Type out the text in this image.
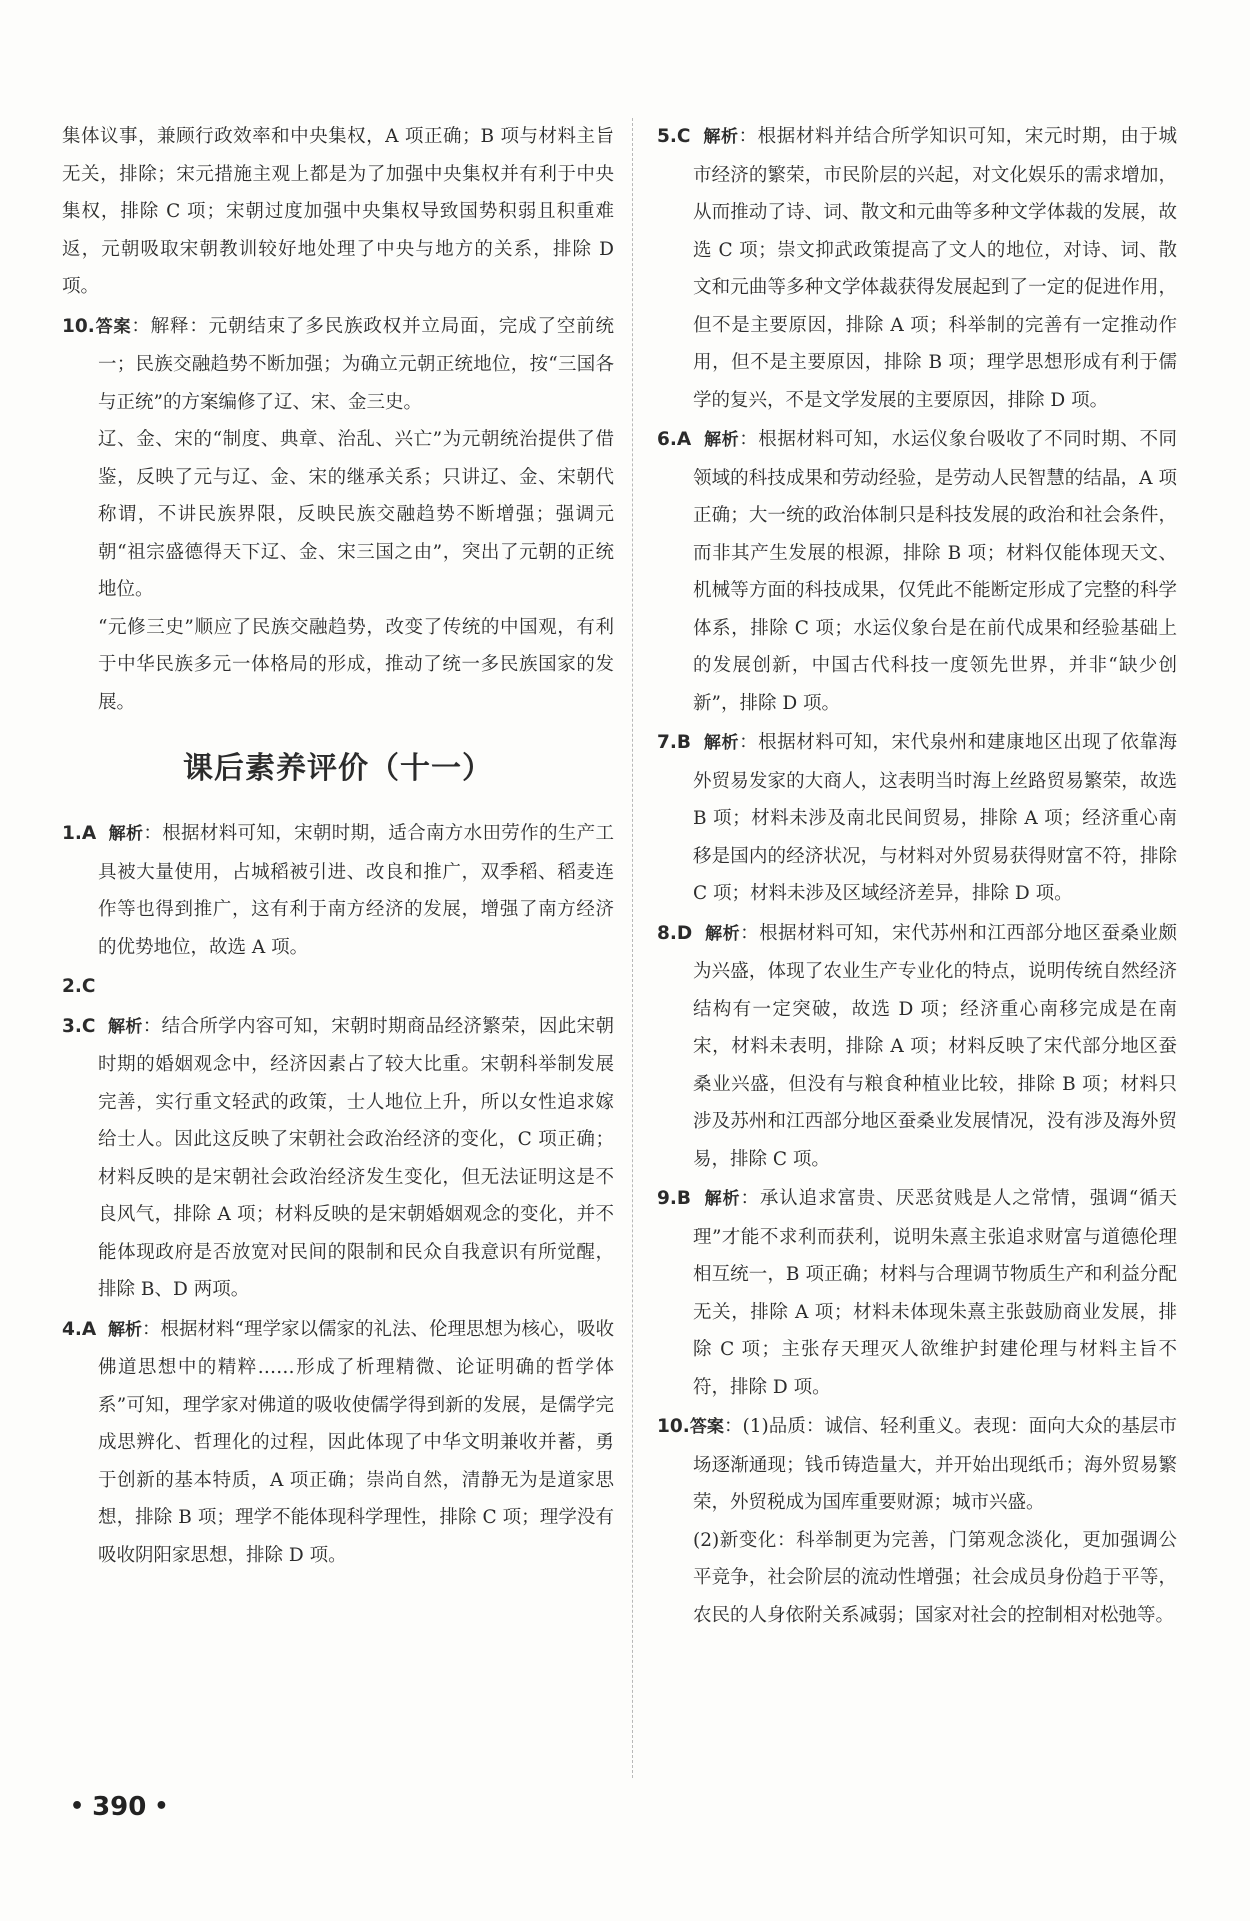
集体议事，兼顾行政效率和中央集权，A 项正确；B 项与材料主旨无关，排除；宋元措施主观上都是为了加强中央集权并有利于中央集权，排除 C 项；宋朝过度加强中央集权导致国势积弱且积重难返，元朝吸取宋朝教训较好地处理了中央与地方的关系，排除 D 项。

10.答案：解释：元朝结束了多民族政权并立局面，完成了空前统一；民族交融趋势不断加强；为确立元朝正统地位，按“三国各与正统”的方案编修了辽、宋、金三史。

辽、金、宋的“制度、典章、治乱、兴亡”为元朝统治提供了借鉴，反映了元与辽、金、宋的继承关系；只讲辽、金、宋朝代称谓，不讲民族界限，反映民族交融趋势不断增强；强调元朝“祖宗盛德得天下辽、金、宋三国之由”，突出了元朝的正统地位。

“元修三史”顺应了民族交融趋势，改变了传统的中国观，有利于中华民族多元一体格局的形成，推动了统一多民族国家的发展。

课后素养评价（十一）

1.A 解析：根据材料可知，宋朝时期，适合南方水田劳作的生产工具被大量使用，占城稻被引进、改良和推广，双季稻、稻麦连作等也得到推广，这有利于南方经济的发展，增强了南方经济的优势地位，故选 A 项。

2.C

3.C 解析：结合所学内容可知，宋朝时期商品经济繁荣，因此宋朝时期的婚姻观念中，经济因素占了较大比重。宋朝科举制发展完善，实行重文轻武的政策，士人地位上升，所以女性追求嫁给士人。因此这反映了宋朝社会政治经济的变化，C 项正确；材料反映的是宋朝社会政治经济发生变化，但无法证明这是不良风气，排除 A 项；材料反映的是宋朝婚姻观念的变化，并不能体现政府是否放宽对民间的限制和民众自我意识有所觉醒，排除 B、D 两项。

4.A 解析：根据材料“理学家以儒家的礼法、伦理思想为核心，吸收佛道思想中的精粹……形成了析理精微、论证明确的哲学体系”可知，理学家对佛道的吸收使儒学得到新的发展，是儒学完成思辨化、哲理化的过程，因此体现了中华文明兼收并蓄，勇于创新的基本特质，A 项正确；崇尚自然，清静无为是道家思想，排除 B 项；理学不能体现科学理性，排除 C 项；理学没有吸收阴阳家思想，排除 D 项。

5.C 解析：根据材料并结合所学知识可知，宋元时期，由于城市经济的繁荣，市民阶层的兴起，对文化娱乐的需求增加，从而推动了诗、词、散文和元曲等多种文学体裁的发展，故选 C 项；崇文抑武政策提高了文人的地位，对诗、词、散文和元曲等多种文学体裁获得发展起到了一定的促进作用，但不是主要原因，排除 A 项；科举制的完善有一定推动作用，但不是主要原因，排除 B 项；理学思想形成有利于儒学的复兴，不是文学发展的主要原因，排除 D 项。

6.A 解析：根据材料可知，水运仪象台吸收了不同时期、不同领域的科技成果和劳动经验，是劳动人民智慧的结晶，A 项正确；大一统的政治体制只是科技发展的政治和社会条件，而非其产生发展的根源，排除 B 项；材料仅能体现天文、机械等方面的科技成果，仅凭此不能断定形成了完整的科学体系，排除 C 项；水运仪象台是在前代成果和经验基础上的发展创新，中国古代科技一度领先世界，并非“缺少创新”，排除 D 项。

7.B 解析：根据材料可知，宋代泉州和建康地区出现了依靠海外贸易发家的大商人，这表明当时海上丝路贸易繁荣，故选 B 项；材料未涉及南北民间贸易，排除 A 项；经济重心南移是国内的经济状况，与材料对外贸易获得财富不符，排除 C 项；材料未涉及区域经济差异，排除 D 项。

8.D 解析：根据材料可知，宋代苏州和江西部分地区蚕桑业颇为兴盛，体现了农业生产专业化的特点，说明传统自然经济结构有一定突破，故选 D 项；经济重心南移完成是在南宋，材料未表明，排除 A 项；材料反映了宋代部分地区蚕桑业兴盛，但没有与粮食种植业比较，排除 B 项；材料只涉及苏州和江西部分地区蚕桑业发展情况，没有涉及海外贸易，排除 C 项。

9.B 解析：承认追求富贵、厌恶贫贱是人之常情，强调“循天理”才能不求利而获利，说明朱熹主张追求财富与道德伦理相互统一，B 项正确；材料与合理调节物质生产和利益分配无关，排除 A 项；材料未体现朱熹主张鼓励商业发展，排除 C 项；主张存天理灭人欲维护封建伦理与材料主旨不符，排除 D 项。

10.答案：(1)品质：诚信、轻利重义。表现：面向大众的基层市场逐渐通现；钱币铸造量大，并开始出现纸币；海外贸易繁荣，外贸税成为国库重要财源；城市兴盛。

(2)新变化：科举制更为完善，门第观念淡化，更加强调公平竞争，社会阶层的流动性增强；社会成员身份趋于平等，农民的人身依附关系减弱；国家对社会的控制相对松弛等。

• 390 •
